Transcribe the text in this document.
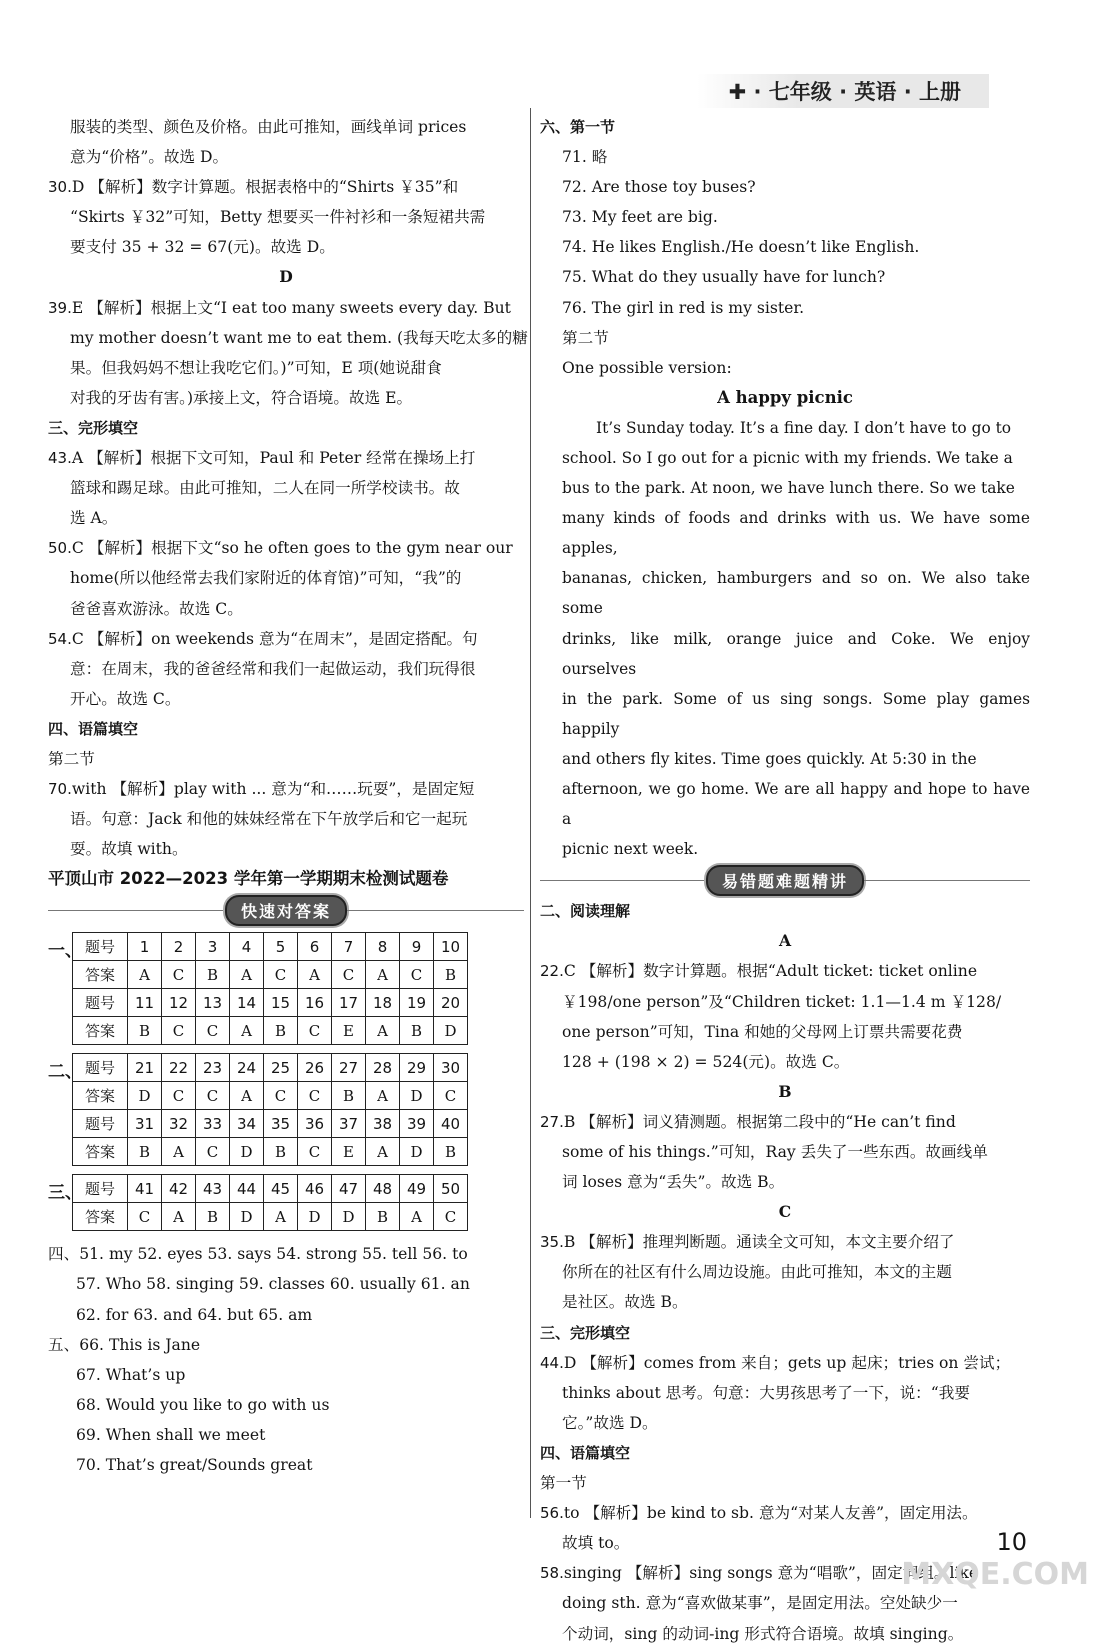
✚ · 七年级 · 英语 · 上册
服装的类型、颜色及价格。由此可推知，画线单词 prices
意为“价格”。故选 D。
30.D 【解析】数字计算题。根据表格中的“Shirts ￥35”和
“Skirts ￥32”可知，Betty 想要买一件衬衫和一条短裙共需
要支付 35 + 32 = 67(元)。故选 D。
D
39.E 【解析】根据上文“I eat too many sweets every day. But
my mother doesn’t want me to eat them. (我每天吃太多的糖
果。但我妈妈不想让我吃它们。)”可知，E 项(她说甜食
对我的牙齿有害。)承接上文，符合语境。故选 E。
三、完形填空
43.A 【解析】根据下文可知，Paul 和 Peter 经常在操场上打
篮球和踢足球。由此可推知，二人在同一所学校读书。故
选 A。
50.C 【解析】根据下文“so he often goes to the gym near our
home(所以他经常去我们家附近的体育馆)”可知，“我”的
爸爸喜欢游泳。故选 C。
54.C 【解析】on weekends 意为“在周末”，是固定搭配。句
意：在周末，我的爸爸经常和我们一起做运动，我们玩得很
开心。故选 C。
四、语篇填空
第二节
70.with 【解析】play with ... 意为“和……玩耍”，是固定短
语。句意：Jack 和他的妹妹经常在下午放学后和它一起玩
耍。故填 with。
平顶山市 2022—2023 学年第一学期期末检测试题卷
快速对答案
一、 题号	1	2	3	4	5	6	7	8	9	10
答案	A	C	B	A	C	A	C	A	C	B
题号	11	12	13	14	15	16	17	18	19	20
答案	B	C	C	A	B	C	E	A	B	D
二、 题号	21	22	23	24	25	26	27	28	29	30
答案	D	C	C	A	C	C	B	A	D	C
题号	31	32	33	34	35	36	37	38	39	40
答案	B	A	C	D	B	C	E	A	D	B
三、 题号	41	42	43	44	45	46	47	48	49	50
答案	C	A	B	D	A	D	D	B	A	C
四、51. my 52. eyes 53. says 54. strong 55. tell 56. to
57. Who 58. singing 59. classes 60. usually 61. an
62. for 63. and 64. but 65. am
五、66. This is Jane
67. What’s up
68. Would you like to go with us
69. When shall we meet
70. That’s great/Sounds great
六、第一节
71. 略
72. Are those toy buses?
73. My feet are big.
74. He likes English./He doesn’t like English.
75. What do they usually have for lunch?
76. The girl in red is my sister.
第二节
One possible version:
A happy picnic
It’s Sunday today. It’s a fine day. I don’t have to go to
school. So I go out for a picnic with my friends. We take a
bus to the park. At noon, we have lunch there. So we take
many kinds of foods and drinks with us. We have some apples,
bananas, chicken, hamburgers and so on. We also take some
drinks, like milk, orange juice and Coke. We enjoy ourselves
in the park. Some of us sing songs. Some play games happily
and others fly kites. Time goes quickly. At 5:30 in the
afternoon, we go home. We are all happy and hope to have a
picnic next week.
易错题难题精讲
二、阅读理解
A
22.C 【解析】数字计算题。根据“Adult ticket: ticket online
￥198/one person”及“Children ticket: 1.1—1.4 m ￥128/
one person”可知，Tina 和她的父母网上订票共需要花费
128 + (198 × 2) = 524(元)。故选 C。
B
27.B 【解析】词义猜测题。根据第二段中的“He can’t find
some of his things.”可知，Ray 丢失了一些东西。故画线单
词 loses 意为“丢失”。故选 B。
C
35.B 【解析】推理判断题。通读全文可知，本文主要介绍了
你所在的社区有什么周边设施。由此可推知，本文的主题
是社区。故选 B。
三、完形填空
44.D 【解析】comes from 来自；gets up 起床；tries on 尝试；
thinks about 思考。句意：大男孩思考了一下，说：“我要
它。”故选 D。
四、语篇填空
第一节
56.to 【解析】be kind to sb. 意为“对某人友善”，固定用法。
故填 to。
58.singing 【解析】sing songs 意为“唱歌”，固定词组。like
doing sth. 意为“喜欢做某事”，是固定用法。空处缺少一
个动词，sing 的动词-ing 形式符合语境。故填 singing。
10
MXQE.COM
